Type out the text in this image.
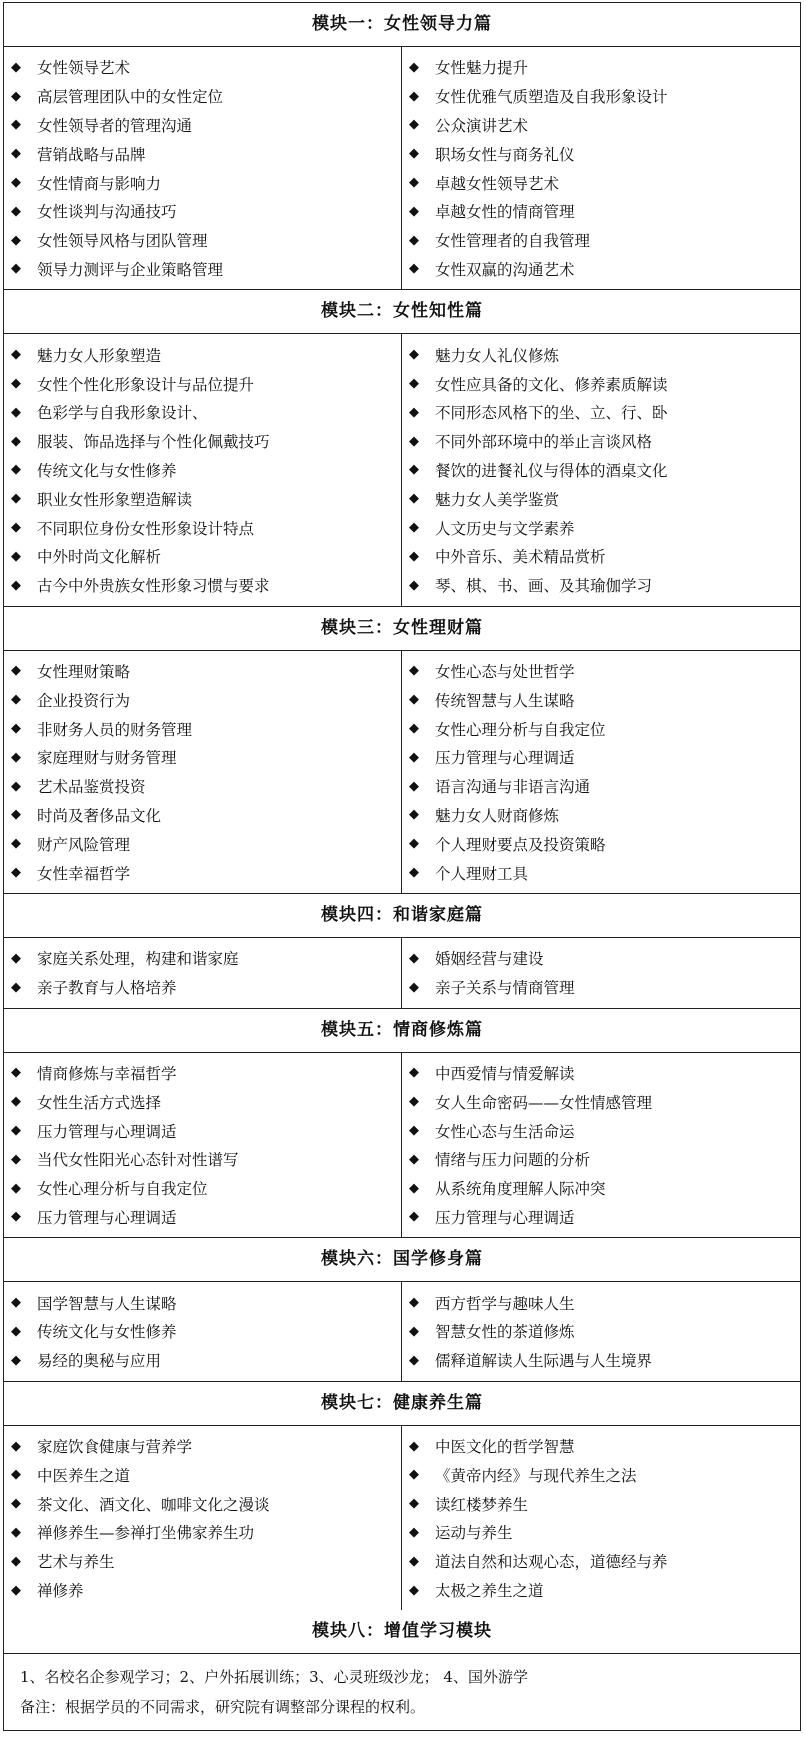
模块一：女性领导力篇
◆ 女性领导艺术
◆ 高层管理团队中的女性定位
◆ 女性领导者的管理沟通
◆ 营销战略与品牌
◆ 女性情商与影响力
◆ 女性谈判与沟通技巧
◆ 女性领导风格与团队管理
◆ 领导力测评与企业策略管理
◆ 女性魅力提升
◆ 女性优雅气质塑造及自我形象设计
◆ 公众演讲艺术
◆ 职场女性与商务礼仪
◆ 卓越女性领导艺术
◆ 卓越女性的情商管理
◆ 女性管理者的自我管理
◆ 女性双赢的沟通艺术
模块二：女性知性篇
◆ 魅力女人形象塑造
◆ 女性个性化形象设计与品位提升
◆ 色彩学与自我形象设计、
◆ 服装、饰品选择与个性化佩戴技巧
◆ 传统文化与女性修养
◆ 职业女性形象塑造解读
◆ 不同职位身份女性形象设计特点
◆ 中外时尚文化解析
◆ 古今中外贵族女性形象习惯与要求
◆ 魅力女人礼仪修炼
◆ 女性应具备的文化、修养素质解读
◆ 不同形态风格下的坐、立、行、卧
◆ 不同外部环境中的举止言谈风格
◆ 餐饮的进餐礼仪与得体的酒桌文化
◆ 魅力女人美学鉴赏
◆ 人文历史与文学素养
◆ 中外音乐、美术精品赏析
◆ 琴、棋、书、画、及其瑜伽学习
模块三：女性理财篇
◆ 女性理财策略
◆ 企业投资行为
◆ 非财务人员的财务管理
◆ 家庭理财与财务管理
◆ 艺术品鉴赏投资
◆ 时尚及奢侈品文化
◆ 财产风险管理
◆ 女性幸福哲学
◆ 女性心态与处世哲学
◆ 传统智慧与人生谋略
◆ 女性心理分析与自我定位
◆ 压力管理与心理调适
◆ 语言沟通与非语言沟通
◆ 魅力女人财商修炼
◆ 个人理财要点及投资策略
◆ 个人理财工具
模块四：和谐家庭篇
◆ 家庭关系处理，构建和谐家庭
◆ 亲子教育与人格培养
◆ 婚姻经营与建设
◆ 亲子关系与情商管理
模块五：情商修炼篇
◆ 情商修炼与幸福哲学
◆ 女性生活方式选择
◆ 压力管理与心理调适
◆ 当代女性阳光心态针对性谱写
◆ 女性心理分析与自我定位
◆ 压力管理与心理调适
◆ 中西爱情与情爱解读
◆ 女人生命密码——女性情感管理
◆ 女性心态与生活命运
◆ 情绪与压力问题的分析
◆ 从系统角度理解人际冲突
◆ 压力管理与心理调适
模块六：国学修身篇
◆ 国学智慧与人生谋略
◆ 传统文化与女性修养
◆ 易经的奥秘与应用
◆ 西方哲学与趣味人生
◆ 智慧女性的茶道修炼
◆ 儒释道解读人生际遇与人生境界
模块七：健康养生篇
◆ 家庭饮食健康与营养学
◆ 中医养生之道
◆ 茶文化、酒文化、咖啡文化之漫谈
◆ 禅修养生—参禅打坐佛家养生功
◆ 艺术与养生
◆ 禅修养
◆ 中医文化的哲学智慧
◆ 《黄帝内经》与现代养生之法
◆ 读红楼梦养生
◆ 运动与养生
◆ 道法自然和达观心态，道德经与养
◆ 太极之养生之道
模块八：增值学习模块
1、名校名企参观学习；2、户外拓展训练；3、心灵班级沙龙； 4、国外游学
备注：根据学员的不同需求，研究院有调整部分课程的权利。
